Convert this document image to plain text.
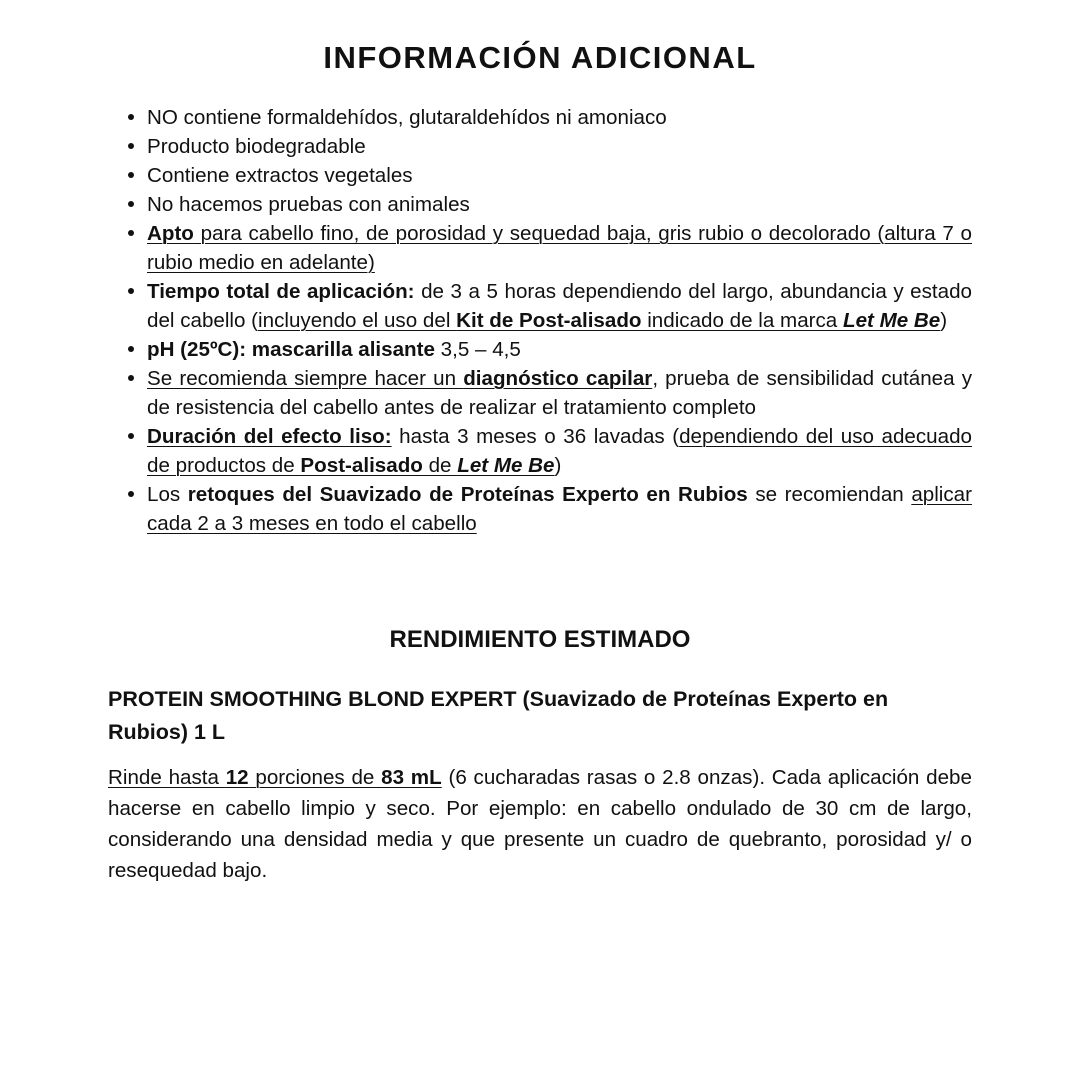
INFORMACIÓN ADICIONAL
NO contiene formaldehídos, glutaraldehídos ni amoniaco
Producto biodegradable
Contiene extractos vegetales
No hacemos pruebas con animales
Apto para cabello fino, de porosidad y sequedad baja, gris rubio o decolorado (altura 7 o rubio medio en adelante)
Tiempo total de aplicación: de 3 a 5 horas dependiendo del largo, abundancia y estado del cabello (incluyendo el uso del Kit de Post-alisado indicado de la marca Let Me Be)
pH (25ºC): mascarilla alisante 3,5 – 4,5
Se recomienda siempre hacer un diagnóstico capilar, prueba de sensibilidad cutánea y de resistencia del cabello antes de realizar el tratamiento completo
Duración del efecto liso: hasta 3 meses o 36 lavadas (dependiendo del uso adecuado de productos de Post-alisado de Let Me Be)
Los retoques del Suavizado de Proteínas Experto en Rubios se recomiendan aplicar cada 2 a 3 meses en todo el cabello
RENDIMIENTO ESTIMADO
PROTEIN SMOOTHING BLOND EXPERT (Suavizado de Proteínas Experto en Rubios) 1 L

Rinde hasta 12 porciones de 83 mL (6 cucharadas rasas o 2.8 onzas). Cada aplicación debe hacerse en cabello limpio y seco. Por ejemplo: en cabello ondulado de 30 cm de largo, considerando una densidad media y que presente un cuadro de quebranto, porosidad y/ o resequedad bajo.
